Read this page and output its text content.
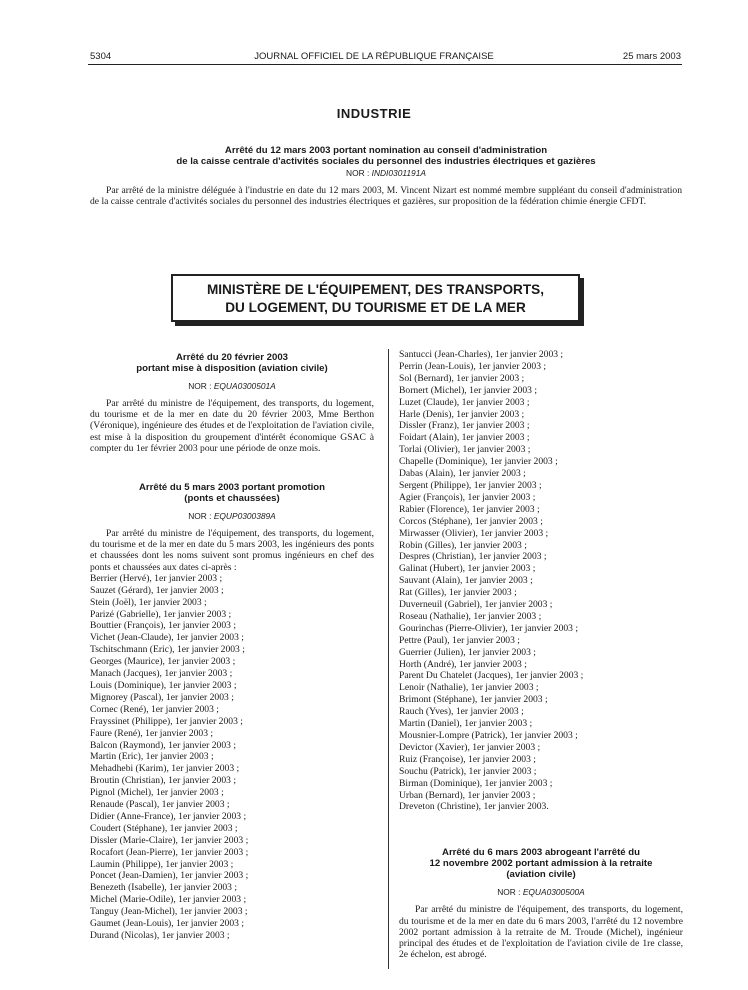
5304	JOURNAL OFFICIEL DE LA RÉPUBLIQUE FRANÇAISE	25 mars 2003
INDUSTRIE
Arrêté du 12 mars 2003 portant nomination au conseil d'administration
de la caisse centrale d'activités sociales du personnel des industries électriques et gazières
NOR : INDI0301191A

Par arrêté de la ministre déléguée à l'industrie en date du 12 mars 2003, M. Vincent Nizart est nommé membre suppléant du conseil d'administration de la caisse centrale d'activités sociales du personnel des industries électriques et gazières, sur proposition de la fédération chimie énergie CFDT.

MINISTÈRE DE L'ÉQUIPEMENT, DES TRANSPORTS,
DU LOGEMENT, DU TOURISME ET DE LA MER
Arrêté du 20 février 2003
portant mise à disposition (aviation civile)
NOR : EQUA0300501A

Par arrêté du ministre de l'équipement, des transports, du logement, du tourisme et de la mer en date du 20 février 2003, Mme Berthon (Véronique), ingénieure des études et de l'exploitation de l'aviation civile, est mise à la disposition du groupement d'intérêt économique GSAC à compter du 1er février 2003 pour une période de onze mois.

Arrêté du 5 mars 2003 portant promotion
(ponts et chaussées)
NOR : EQUP0300389A

Par arrêté du ministre de l'équipement, des transports, du logement, du tourisme et de la mer en date du 5 mars 2003, les ingénieurs des ponts et chaussées dont les noms suivent sont promus ingénieurs en chef des ponts et chaussées aux dates ci-après :

Berrier (Hervé), 1er janvier 2003 ;
Sauzet (Gérard), 1er janvier 2003 ;
Stein (Joël), 1er janvier 2003 ;
Parizé (Gabrielle), 1er janvier 2003 ;
Bouttier (François), 1er janvier 2003 ;
Vichet (Jean-Claude), 1er janvier 2003 ;
Tschitschmann (Eric), 1er janvier 2003 ;
Georges (Maurice), 1er janvier 2003 ;
Manach (Jacques), 1er janvier 2003 ;
Louis (Dominique), 1er janvier 2003 ;
Mignorey (Pascal), 1er janvier 2003 ;
Cornec (René), 1er janvier 2003 ;
Frayssinet (Philippe), 1er janvier 2003 ;
Faure (René), 1er janvier 2003 ;
Balcon (Raymond), 1er janvier 2003 ;
Martin (Eric), 1er janvier 2003 ;
Mehadhebi (Karim), 1er janvier 2003 ;
Broutin (Christian), 1er janvier 2003 ;
Pignol (Michel), 1er janvier 2003 ;
Renaude (Pascal), 1er janvier 2003 ;
Didier (Anne-France), 1er janvier 2003 ;
Coudert (Stéphane), 1er janvier 2003 ;
Dissler (Marie-Claire), 1er janvier 2003 ;
Rocafort (Jean-Pierre), 1er janvier 2003 ;
Laumin (Philippe), 1er janvier 2003 ;
Poncet (Jean-Damien), 1er janvier 2003 ;
Benezeth (Isabelle), 1er janvier 2003 ;
Michel (Marie-Odile), 1er janvier 2003 ;
Tanguy (Jean-Michel), 1er janvier 2003 ;
Gaumet (Jean-Louis), 1er janvier 2003 ;
Durand (Nicolas), 1er janvier 2003 ;
Santucci (Jean-Charles), 1er janvier 2003 ;
Perrin (Jean-Louis), 1er janvier 2003 ;
Sol (Bernard), 1er janvier 2003 ;
Bornert (Michel), 1er janvier 2003 ;
Luzet (Claude), 1er janvier 2003 ;
Harle (Denis), 1er janvier 2003 ;
Dissler (Franz), 1er janvier 2003 ;
Foidart (Alain), 1er janvier 2003 ;
Torlai (Olivier), 1er janvier 2003 ;
Chapelle (Dominique), 1er janvier 2003 ;
Dabas (Alain), 1er janvier 2003 ;
Sergent (Philippe), 1er janvier 2003 ;
Agier (François), 1er janvier 2003 ;
Rabier (Florence), 1er janvier 2003 ;
Corcos (Stéphane), 1er janvier 2003 ;
Mirwasser (Olivier), 1er janvier 2003 ;
Robin (Gilles), 1er janvier 2003 ;
Despres (Christian), 1er janvier 2003 ;
Galinat (Hubert), 1er janvier 2003 ;
Sauvant (Alain), 1er janvier 2003 ;
Rat (Gilles), 1er janvier 2003 ;
Duverneuil (Gabriel), 1er janvier 2003 ;
Roseau (Nathalie), 1er janvier 2003 ;
Gourinchas (Pierre-Olivier), 1er janvier 2003 ;
Pettre (Paul), 1er janvier 2003 ;
Guerrier (Julien), 1er janvier 2003 ;
Horth (André), 1er janvier 2003 ;
Parent Du Chatelet (Jacques), 1er janvier 2003 ;
Lenoir (Nathalie), 1er janvier 2003 ;
Brimont (Stéphane), 1er janvier 2003 ;
Rauch (Yves), 1er janvier 2003 ;
Martin (Daniel), 1er janvier 2003 ;
Mousnier-Lompre (Patrick), 1er janvier 2003 ;
Devictor (Xavier), 1er janvier 2003 ;
Ruiz (Françoise), 1er janvier 2003 ;
Souchu (Patrick), 1er janvier 2003 ;
Birman (Dominique), 1er janvier 2003 ;
Urban (Bernard), 1er janvier 2003 ;
Dreveton (Christine), 1er janvier 2003.
Arrêté du 6 mars 2003 abrogeant l'arrêté du
12 novembre 2002 portant admission à la retraite
(aviation civile)
NOR : EQUA0300500A

Par arrêté du ministre de l'équipement, des transports, du logement, du tourisme et de la mer en date du 6 mars 2003, l'arrêté du 12 novembre 2002 portant admission à la retraite de M. Troude (Michel), ingénieur principal des études et de l'exploitation de l'aviation civile de 1re classe, 2e échelon, est abrogé.
